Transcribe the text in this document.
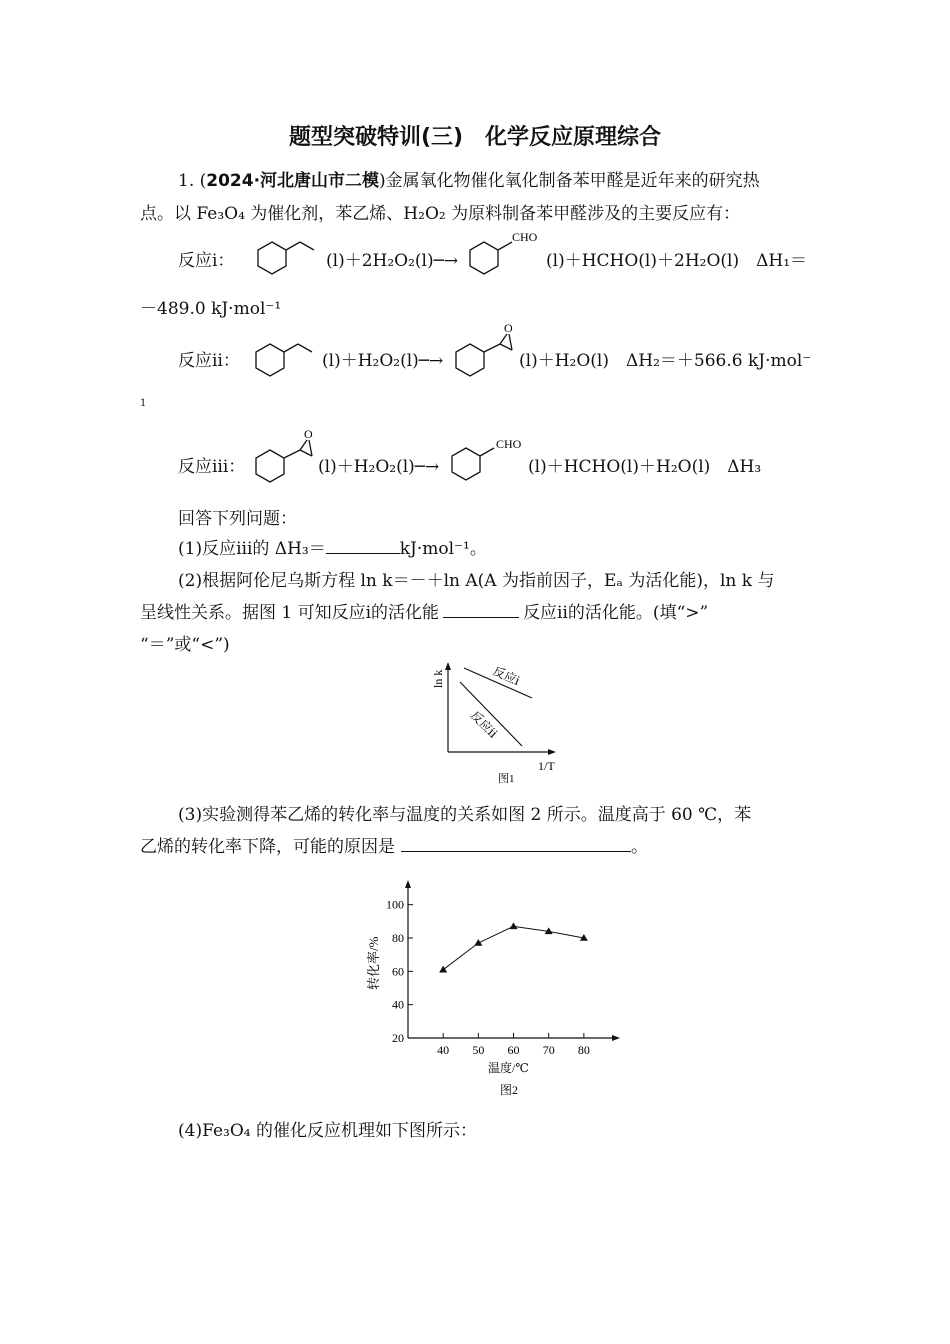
题型突破特训(三)　化学反应原理综合
1. (2024·河北唐山市二模)金属氧化物催化氧化制备苯甲醛是近年来的研究热
点。以 Fe₃O₄ 为催化剂，苯乙烯、H₂O₂ 为原料制备苯甲醛涉及的主要反应有：
反应ⅰ：	(l)＋2H₂O₂(l)─→
CHO
(l)＋HCHO(l)＋2H₂O(l)　ΔH₁＝
－489.0 kJ·mol⁻¹
反应ⅱ：	(l)＋H₂O₂(l)─→
O
(l)＋H₂O(l)　ΔH₂＝＋566.6 kJ·mol⁻
1
反应ⅲ：
O
(l)＋H₂O₂(l)─→
CHO
(l)＋HCHO(l)＋H₂O(l)　ΔH₃
回答下列问题：
(1)反应ⅲ的 ΔH₃＝	kJ·mol⁻¹。
(2)根据阿伦尼乌斯方程 ln k＝－＋ln A(A 为指前因子，Eₐ 为活化能)，ln k 与
呈线性关系。据图 1 可知反应ⅰ的活化能	反应ⅱ的活化能。(填“>”
“＝”或“<”)
ln k	反应ⅰ
反应ⅱ
1/T
图1
(3)实验测得苯乙烯的转化率与温度的关系如图 2 所示。温度高于 60 ℃，苯
乙烯的转化率下降，可能的原因是	。
20
40
60
80
100
40 50 60 70 80
转化率/%
温度/℃
图2
(4)Fe₃O₄ 的催化反应机理如下图所示：
